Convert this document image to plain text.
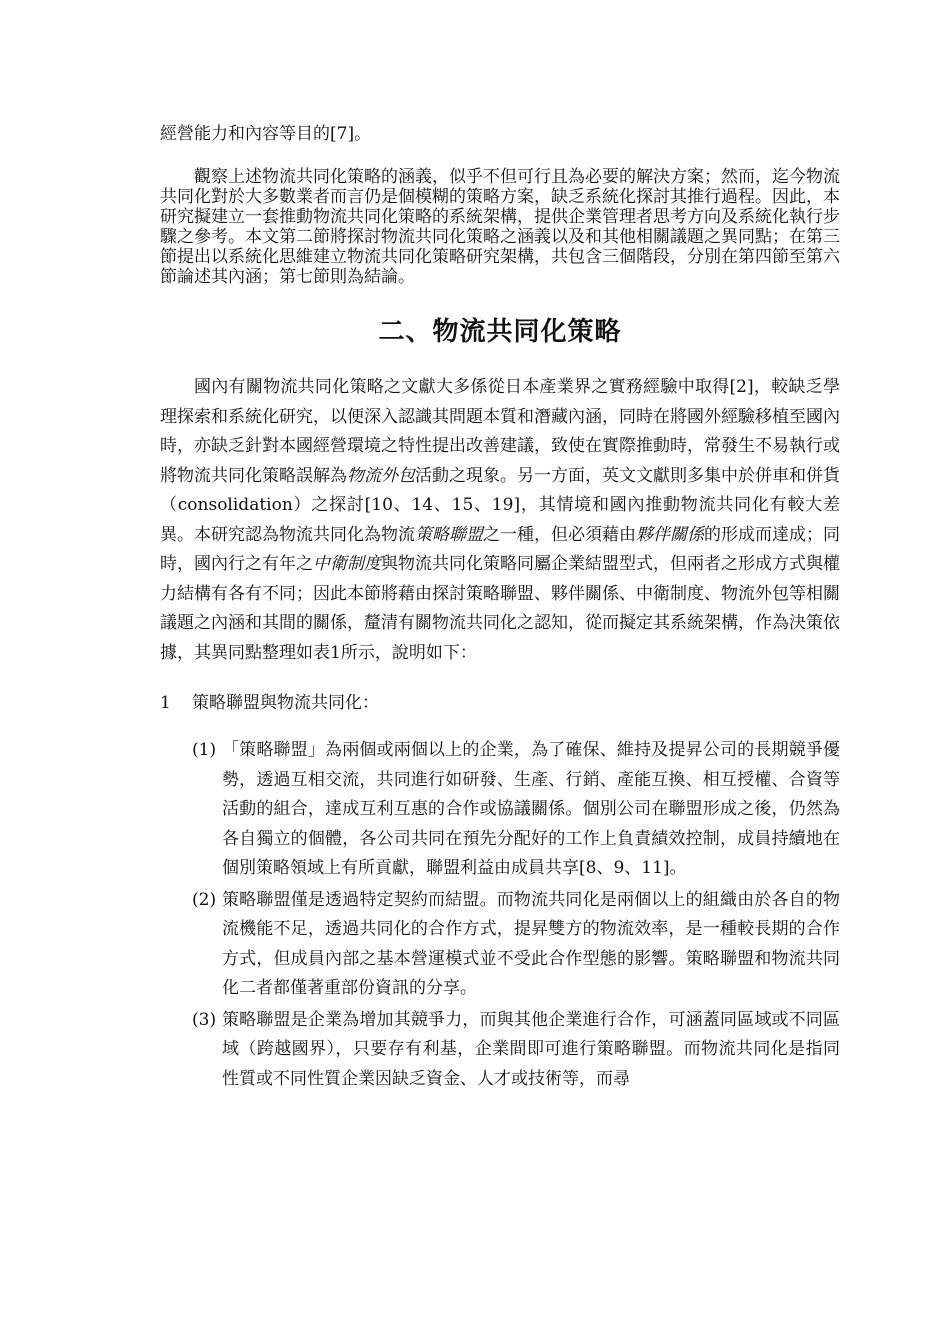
經營能力和內容等目的[7]。

觀察上述物流共同化策略的涵義，似乎不但可行且為必要的解決方案；然而，迄今物流共同化對於大多數業者而言仍是個模糊的策略方案，缺乏系統化探討其推行過程。因此，本研究擬建立一套推動物流共同化策略的系統架構，提供企業管理者思考方向及系統化執行步驟之參考。本文第二節將探討物流共同化策略之涵義以及和其他相關議題之異同點；在第三節提出以系統化思維建立物流共同化策略研究架構，共包含三個階段，分別在第四節至第六節論述其內涵；第七節則為結論。

二、物流共同化策略

國內有關物流共同化策略之文獻大多係從日本產業界之實務經驗中取得[2]，較缺乏學理探索和系統化研究，以便深入認識其問題本質和潛藏內涵，同時在將國外經驗移植至國內時，亦缺乏針對本國經營環境之特性提出改善建議，致使在實際推動時，常發生不易執行或將物流共同化策略誤解為物流外包活動之現象。另一方面，英文文獻則多集中於併車和併貨（consolidation）之探討[10、14、15、19]，其情境和國內推動物流共同化有較大差異。本研究認為物流共同化為物流策略聯盟之一種，但必須藉由夥伴關係的形成而達成；同時，國內行之有年之中衛制度與物流共同化策略同屬企業結盟型式，但兩者之形成方式與權力結構有各有不同；因此本節將藉由探討策略聯盟、夥伴關係、中衛制度、物流外包等相關議題之內涵和其間的關係，釐清有關物流共同化之認知，從而擬定其系統架構，作為決策依據，其異同點整理如表1所示，說明如下：

1	策略聯盟與物流共同化：
(1) 「策略聯盟」為兩個或兩個以上的企業，為了確保、維持及提昇公司的長期競爭優勢，透過互相交流，共同進行如研發、生產、行銷、產能互換、相互授權、合資等活動的組合，達成互利互惠的合作或協議關係。個別公司在聯盟形成之後，仍然為各自獨立的個體，各公司共同在預先分配好的工作上負責績效控制，成員持續地在個別策略領域上有所貢獻，聯盟利益由成員共享[8、9、11]。
(2) 策略聯盟僅是透過特定契約而結盟。而物流共同化是兩個以上的組織由於各自的物流機能不足，透過共同化的合作方式，提昇雙方的物流效率，是一種較長期的合作方式，但成員內部之基本營運模式並不受此合作型態的影響。策略聯盟和物流共同化二者都僅著重部份資訊的分享。
(3) 策略聯盟是企業為增加其競爭力，而與其他企業進行合作，可涵蓋同區域或不同區域（跨越國界），只要存有利基，企業間即可進行策略聯盟。而物流共同化是指同性質或不同性質企業因缺乏資金、人才或技術等，而尋
